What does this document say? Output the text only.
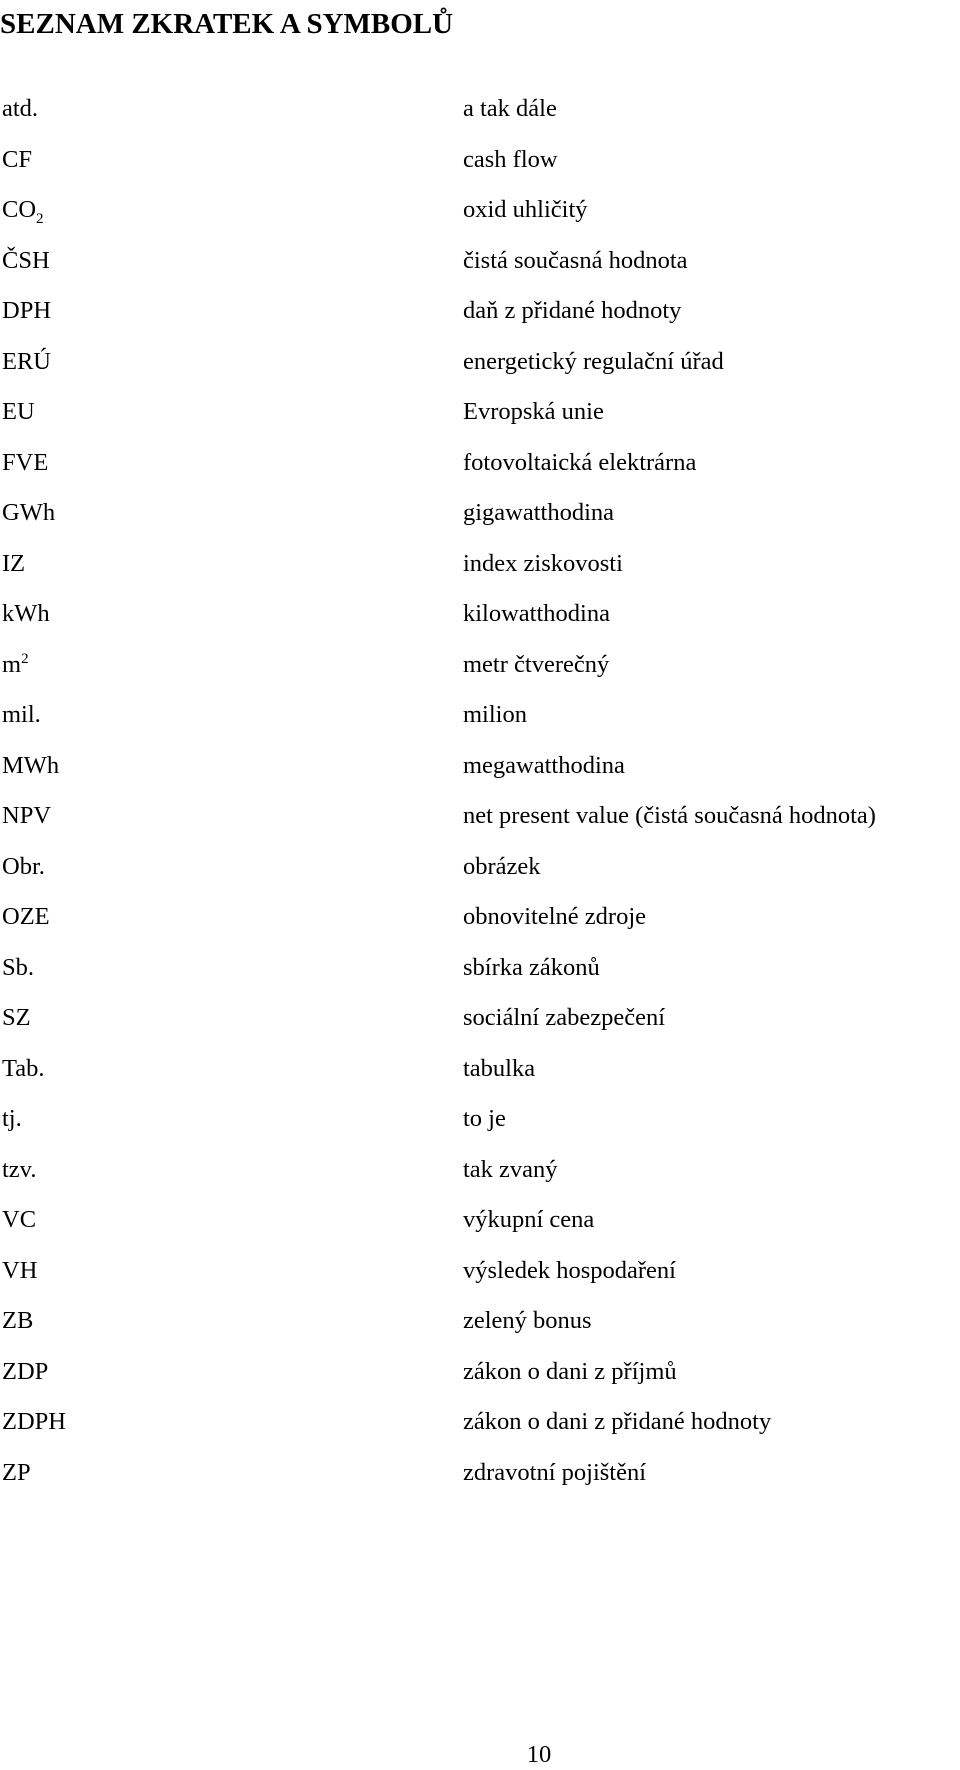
SEZNAM ZKRATEK A SYMBOLŮ
atd.	a tak dále
CF	cash flow
$CO_2$	oxid uhličitý
ČSH	čistá současná hodnota
DPH	daň z přidané hodnoty
ERÚ	energetický regulační úřad
EU	Evropská unie
FVE	fotovoltaická elektrárna
GWh	gigawatthodina
IZ	index ziskovosti
kWh	kilowatthodina
$m^2$	metr čtverečný
mil.	milion
MWh	megawatthodina
NPV	net present value (čistá současná hodnota)
Obr.	obrázek
OZE	obnovitelné zdroje
Sb.	sbírka zákonů
SZ	sociální zabezpečení
Tab.	tabulka
tj.	to je
tzv.	tak zvaný
VC	výkupní cena
VH	výsledek hospodaření
ZB	zelený bonus
ZDP	zákon o dani z příjmů
ZDPH	zákon o dani z přidané hodnoty
ZP	zdravotní pojištění
10
